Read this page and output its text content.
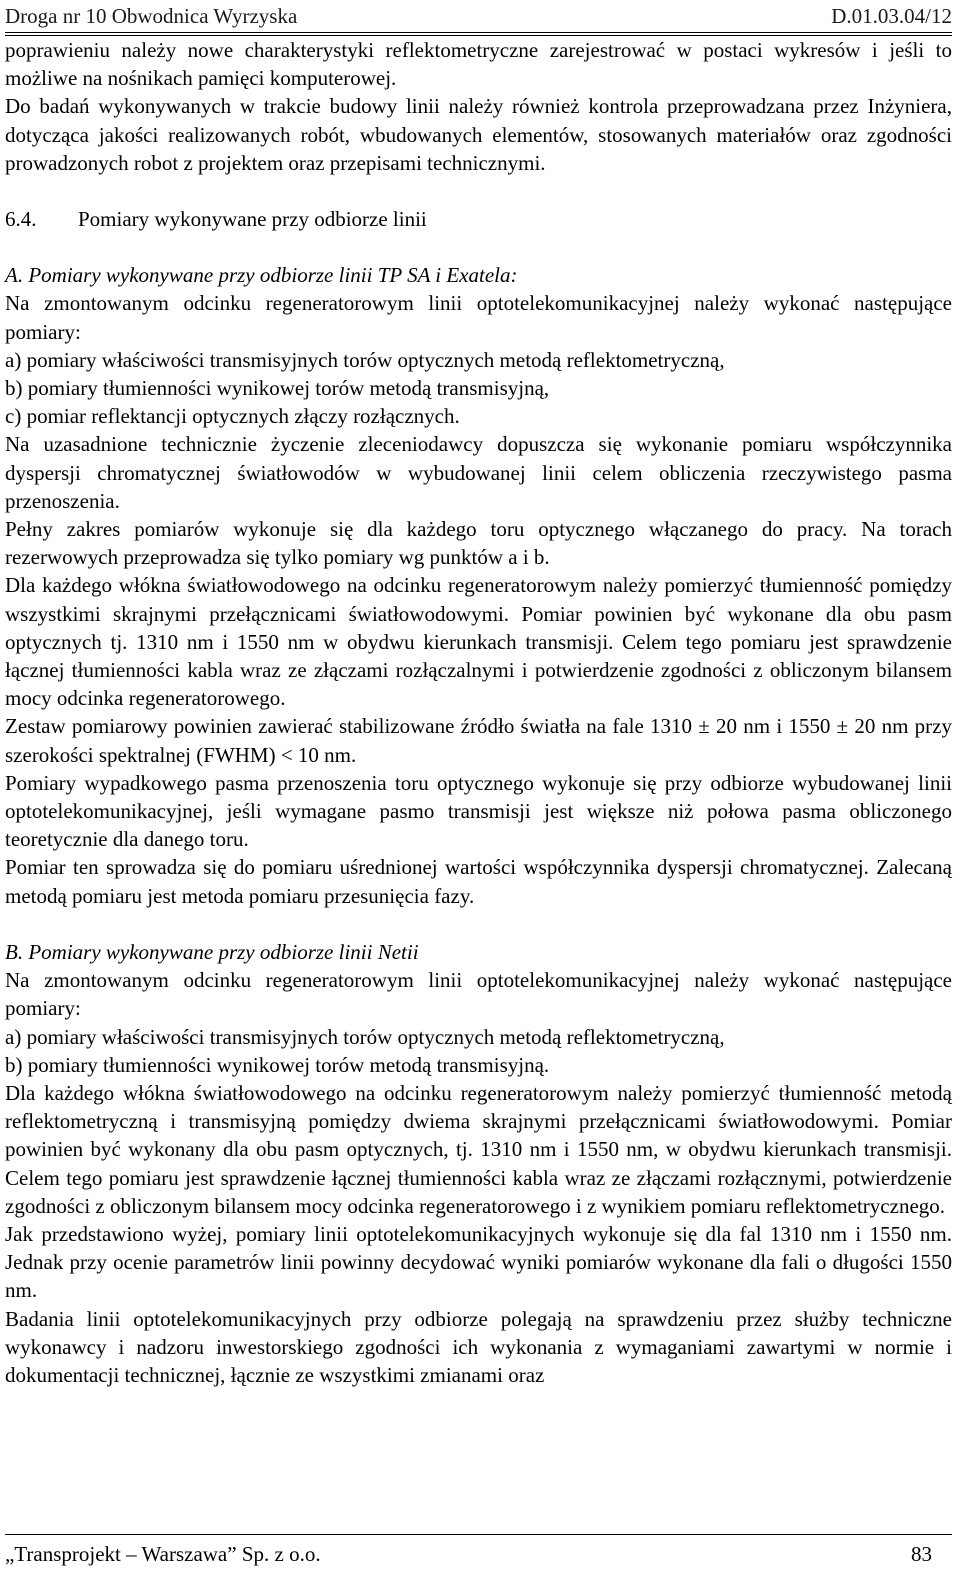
Droga nr 10 Obwodnica Wyrzyska	D.01.03.04/12

poprawieniu należy nowe charakterystyki reflektometryczne zarejestrować w postaci wykresów i jeśli to możliwe na nośnikach pamięci komputerowej.

Do badań wykonywanych w trakcie budowy linii należy również kontrola przeprowadzana przez Inżyniera, dotycząca jakości realizowanych robót, wbudowanych elementów, stosowanych materiałów oraz zgodności prowadzonych robot z projektem oraz przepisami technicznymi.

6.4. Pomiary wykonywane przy odbiorze linii

A. Pomiary wykonywane przy odbiorze linii TP SA i Exatela:

Na zmontowanym odcinku regeneratorowym linii optotelekomunikacyjnej należy wykonać następujące pomiary:

a) pomiary właściwości transmisyjnych torów optycznych metodą reflektometryczną,

b) pomiary tłumienności wynikowej torów metodą transmisyjną,

c) pomiar reflektancji optycznych złączy rozłącznych.

Na uzasadnione technicznie życzenie zleceniodawcy dopuszcza się wykonanie pomiaru współczynnika dyspersji chromatycznej światłowodów w wybudowanej linii celem obliczenia rzeczywistego pasma przenoszenia.

Pełny zakres pomiarów wykonuje się dla każdego toru optycznego włączanego do pracy. Na torach rezerwowych przeprowadza się tylko pomiary wg punktów a i b.

Dla każdego włókna światłowodowego na odcinku regeneratorowym należy pomierzyć tłumienność pomiędzy wszystkimi skrajnymi przełącznicami światłowodowymi. Pomiar powinien być wykonane dla obu pasm optycznych tj. 1310 nm i 1550 nm w obydwu kierunkach transmisji. Celem tego pomiaru jest sprawdzenie łącznej tłumienności kabla wraz ze złączami rozłączalnymi i potwierdzenie zgodności z obliczonym bilansem mocy odcinka regeneratorowego.

Zestaw pomiarowy powinien zawierać stabilizowane źródło światła na fale 1310 ± 20 nm i 1550 ± 20 nm przy szerokości spektralnej (FWHM) < 10 nm.

Pomiary wypadkowego pasma przenoszenia toru optycznego wykonuje się przy odbiorze wybudowanej linii optotelekomunikacyjnej, jeśli wymagane pasmo transmisji jest większe niż połowa pasma obliczonego teoretycznie dla danego toru.

Pomiar ten sprowadza się do pomiaru uśrednionej wartości współczynnika dyspersji chromatycznej. Zalecaną metodą pomiaru jest metoda pomiaru przesunięcia fazy.

B. Pomiary wykonywane przy odbiorze linii Netii

Na zmontowanym odcinku regeneratorowym linii optotelekomunikacyjnej należy wykonać następujące pomiary:

a) pomiary właściwości transmisyjnych torów optycznych metodą reflektometryczną,

b) pomiary tłumienności wynikowej torów metodą transmisyjną.

Dla każdego włókna światłowodowego na odcinku regeneratorowym należy pomierzyć tłumienność metodą reflektometryczną i transmisyjną pomiędzy dwiema skrajnymi przełącznicami światłowodowymi. Pomiar powinien być wykonany dla obu pasm optycznych, tj. 1310 nm i 1550 nm, w obydwu kierunkach transmisji. Celem tego pomiaru jest sprawdzenie łącznej tłumienności kabla wraz ze złączami rozłącznymi, potwierdzenie zgodności z obliczonym bilansem mocy odcinka regeneratorowego i z wynikiem pomiaru reflektometrycznego.

Jak przedstawiono wyżej, pomiary linii optotelekomunikacyjnych wykonuje się dla fal 1310 nm i 1550 nm. Jednak przy ocenie parametrów linii powinny decydować wyniki pomiarów wykonane dla fali o długości 1550 nm.

Badania linii optotelekomunikacyjnych przy odbiorze polegają na sprawdzeniu przez służby techniczne wykonawcy i nadzoru inwestorskiego zgodności ich wykonania z wymaganiami zawartymi w normie i dokumentacji technicznej, łącznie ze wszystkimi zmianami oraz

„Transprojekt – Warszawa” Sp. z o.o.	83
